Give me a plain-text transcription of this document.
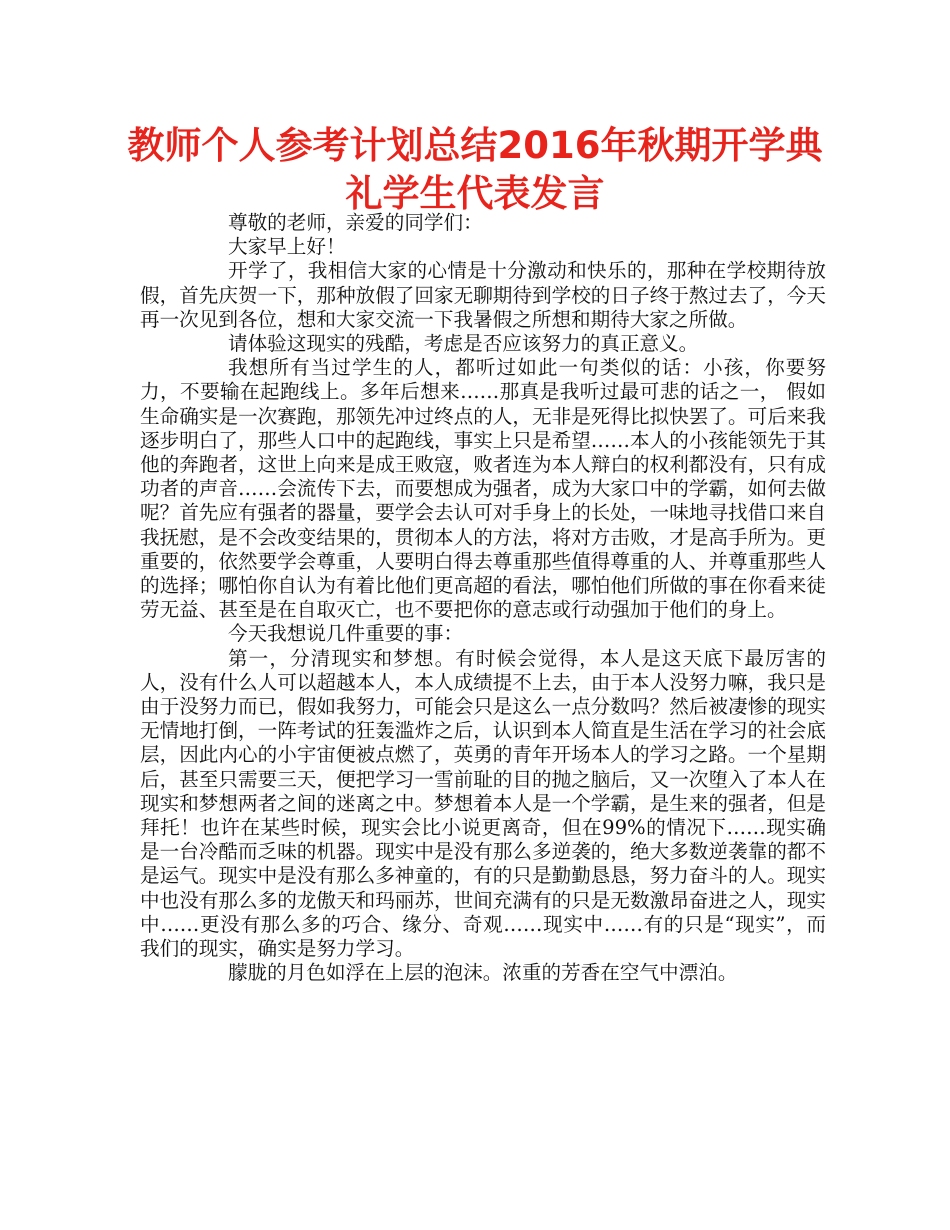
教师个人参考计划总结2016年秋期开学典礼学生代表发言

尊敬的老师，亲爱的同学们：

大家早上好！

开学了，我相信大家的心情是十分激动和快乐的，那种在学校期待放假，首先庆贺一下，那种放假了回家无聊期待到学校的日子终于熬过去了，今天再一次见到各位，想和大家交流一下我暑假之所想和期待大家之所做。

请体验这现实的残酷，考虑是否应该努力的真正意义。

我想所有当过学生的人，都听过如此一句类似的话：小孩，你要努力，不要输在起跑线上。多年后想来……那真是我听过最可悲的话之一， 假如生命确实是一次赛跑，那领先冲过终点的人，无非是死得比拟快罢了。可后来我逐步明白了，那些人口中的起跑线，事实上只是希望……本人的小孩能领先于其他的奔跑者，这世上向来是成王败寇，败者连为本人辩白的权利都没有，只有成功者的声音……会流传下去，而要想成为强者，成为大家口中的学霸，如何去做呢？首先应有强者的器量，要学会去认可对手身上的长处，一味地寻找借口来自我抚慰，是不会改变结果的，贯彻本人的方法，将对方击败，才是高手所为。更重要的，依然要学会尊重，人要明白得去尊重那些值得尊重的人、并尊重那些人的选择；哪怕你自认为有着比他们更高超的看法，哪怕他们所做的事在你看来徒劳无益、甚至是在自取灭亡，也不要把你的意志或行动强加于他们的身上。

今天我想说几件重要的事：

第一，分清现实和梦想。有时候会觉得，本人是这天底下最厉害的人，没有什么人可以超越本人，本人成绩提不上去，由于本人没努力嘛，我只是由于没努力而已，假如我努力，可能会只是这么一点分数吗？然后被凄惨的现实无情地打倒，一阵考试的狂轰滥炸之后，认识到本人简直是生活在学习的社会底层，因此内心的小宇宙便被点燃了，英勇的青年开场本人的学习之路。一个星期后，甚至只需要三天，便把学习一雪前耻的目的抛之脑后，又一次堕入了本人在现实和梦想两者之间的迷离之中。梦想着本人是一个学霸，是生来的强者，但是拜托！也许在某些时候，现实会比小说更离奇，但在99%的情况下……现实确是一台冷酷而乏味的机器。现实中是没有那么多逆袭的，绝大多数逆袭靠的都不是运气。现实中是没有那么多神童的，有的只是勤勤恳恳，努力奋斗的人。现实中也没有那么多的龙傲天和玛丽苏，世间充满有的只是无数激昂奋进之人，现实中……更没有那么多的巧合、缘分、奇观……现实中……有的只是“现实”，而我们的现实，确实是努力学习。

朦胧的月色如浮在上层的泡沫。浓重的芳香在空气中漂泊。
